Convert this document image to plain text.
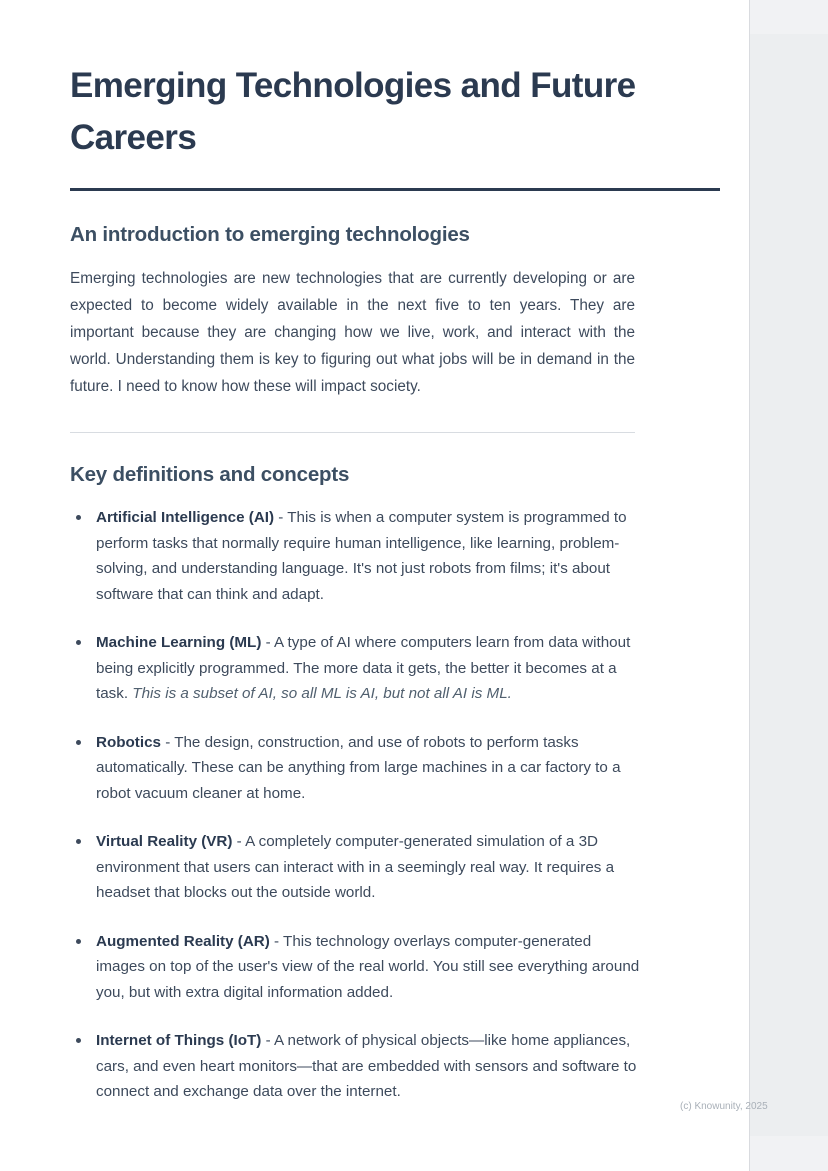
Emerging Technologies and Future Careers
An introduction to emerging technologies

Emerging technologies are new technologies that are currently developing or are expected to become widely available in the next five to ten years. They are important because they are changing how we live, work, and interact with the world. Understanding them is key to figuring out what jobs will be in demand in the future. I need to know how these will impact society.

Key definitions and concepts
Artificial Intelligence (AI) - This is when a computer system is programmed to perform tasks that normally require human intelligence, like learning, problem-solving, and understanding language. It's not just robots from films; it's about software that can think and adapt.
Machine Learning (ML) - A type of AI where computers learn from data without being explicitly programmed. The more data it gets, the better it becomes at a task. This is a subset of AI, so all ML is AI, but not all AI is ML.
Robotics - The design, construction, and use of robots to perform tasks automatically. These can be anything from large machines in a car factory to a robot vacuum cleaner at home.
Virtual Reality (VR) - A completely computer-generated simulation of a 3D environment that users can interact with in a seemingly real way. It requires a headset that blocks out the outside world.
Augmented Reality (AR) - This technology overlays computer-generated images on top of the user's view of the real world. You still see everything around you, but with extra digital information added.
Internet of Things (IoT) - A network of physical objects—like home appliances, cars, and even heart monitors—that are embedded with sensors and software to connect and exchange data over the internet.
(c) Knowunity, 2025
